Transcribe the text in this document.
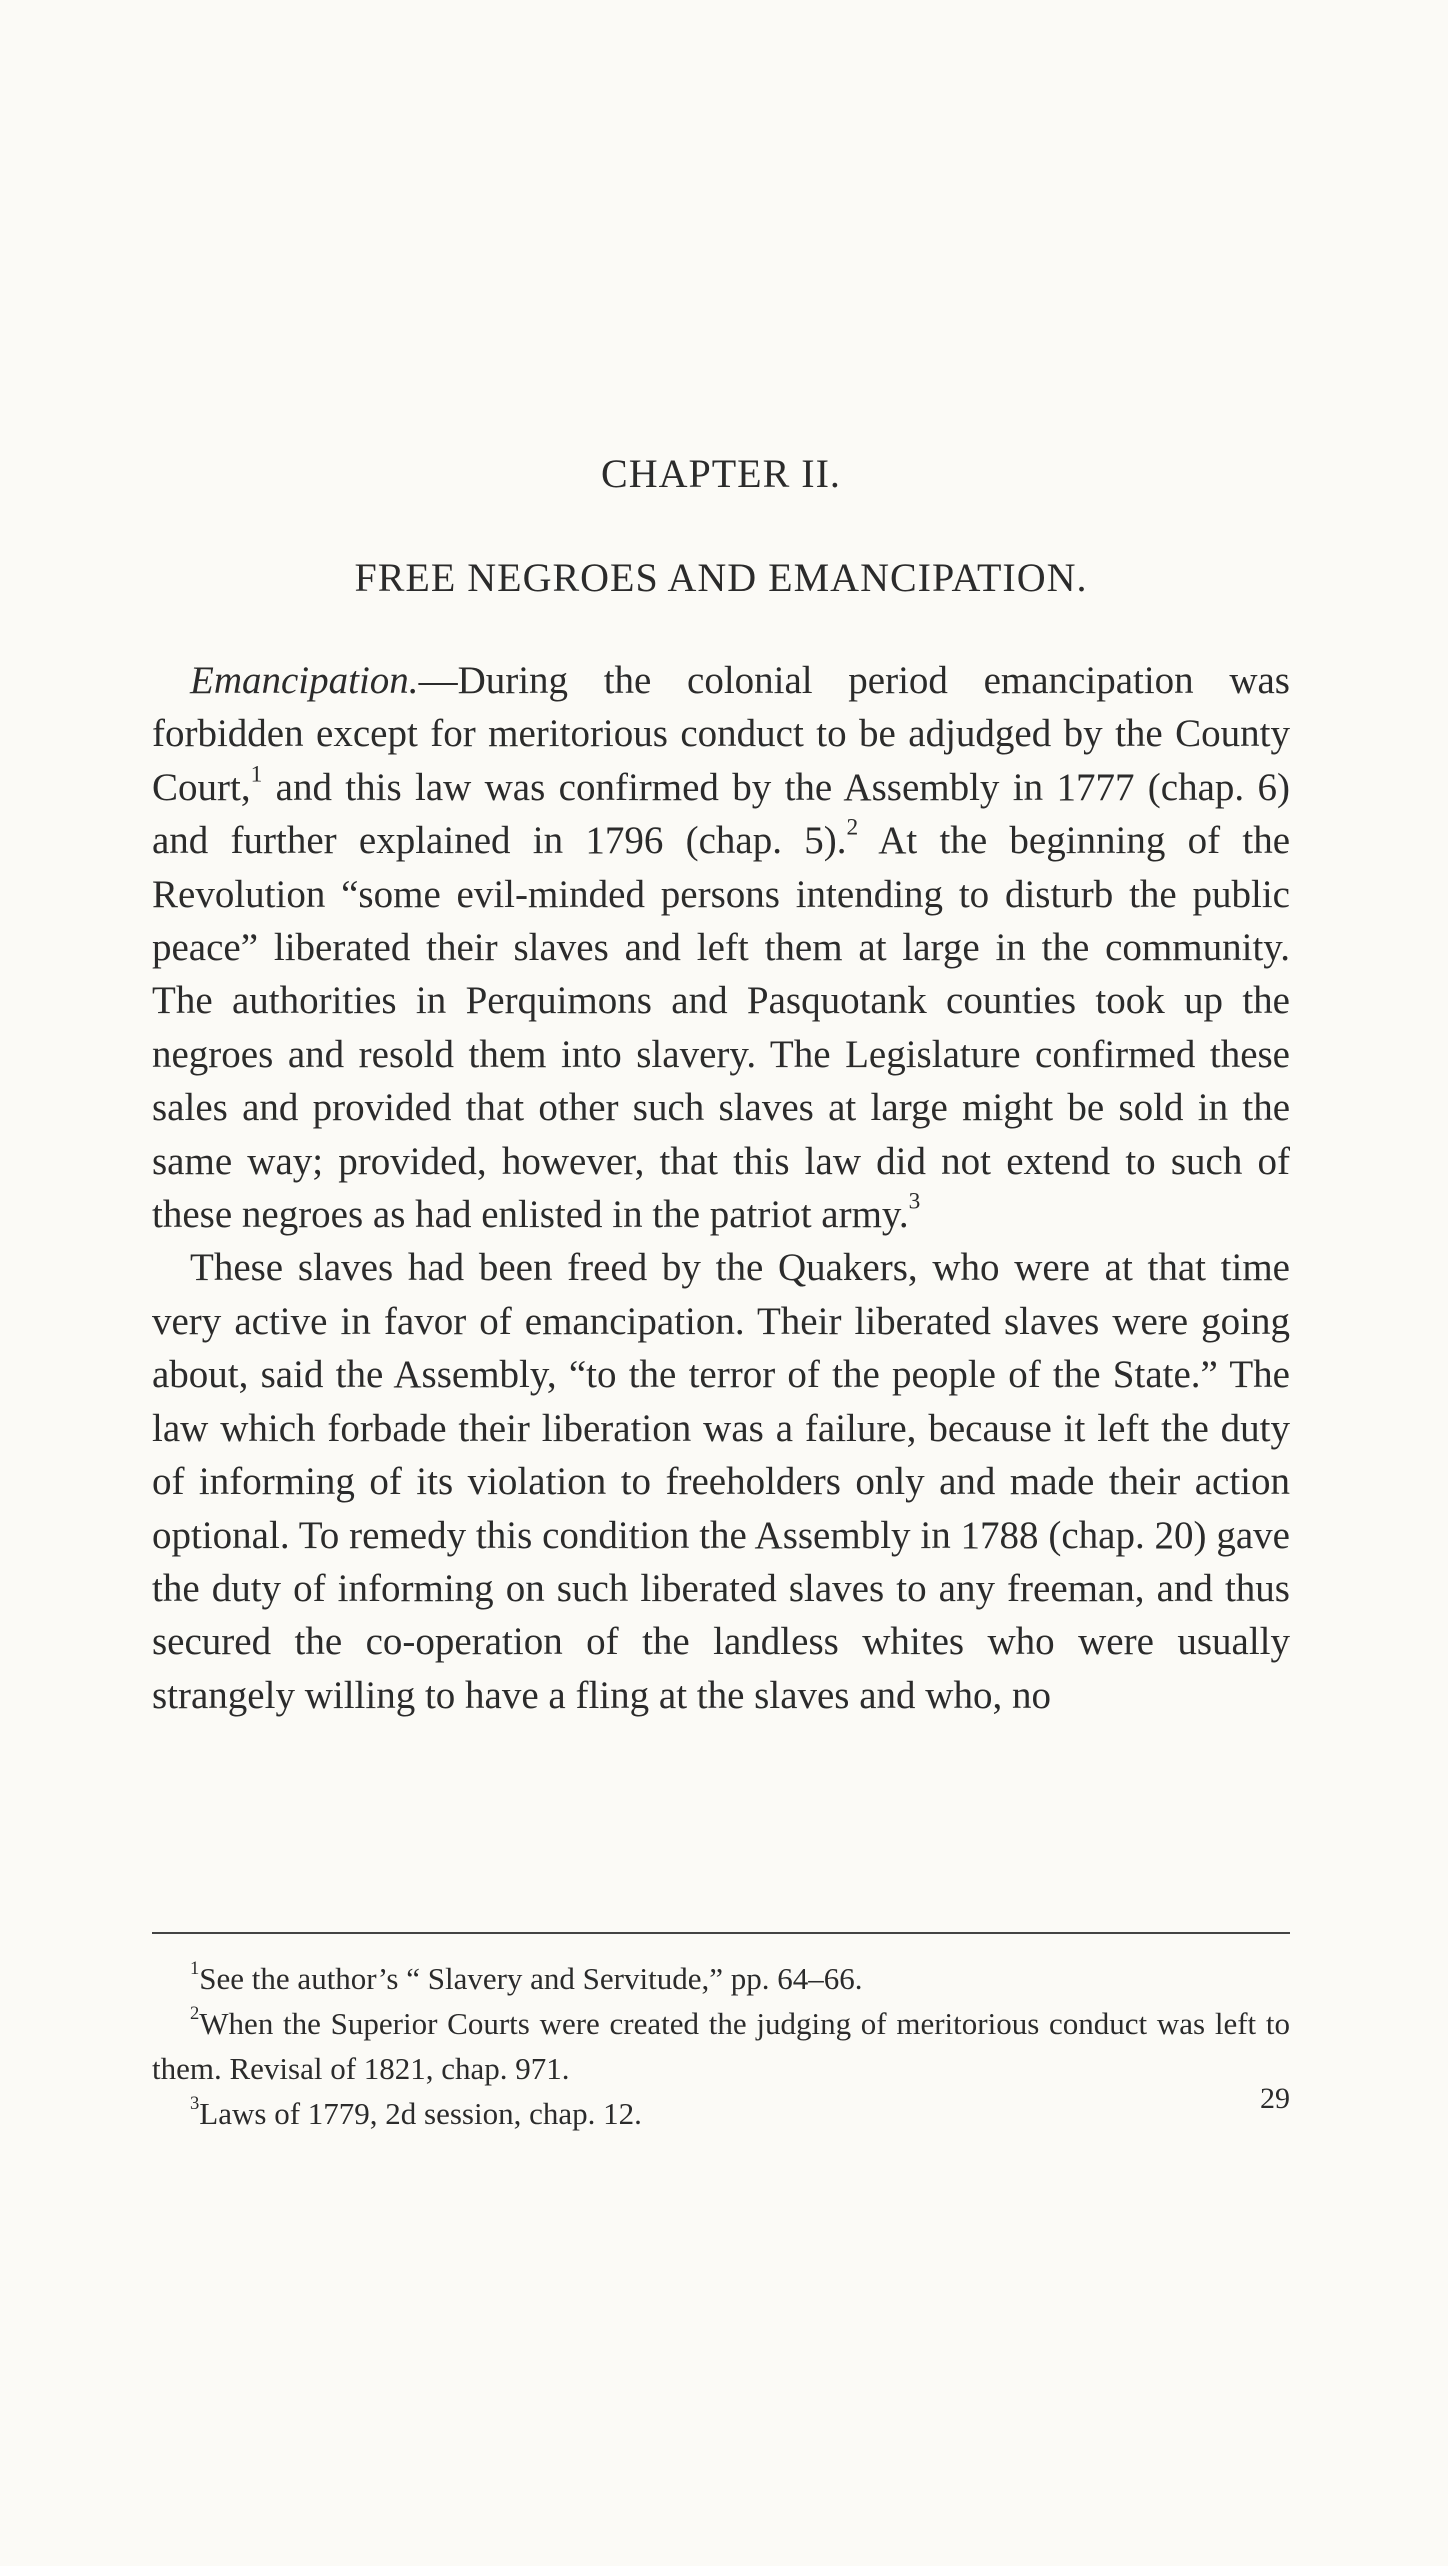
CHAPTER II.
FREE NEGROES AND EMANCIPATION.

Emancipation.—During the colonial period emancipation was forbidden except for meritorious conduct to be adjudged by the County Court,$^1$ and this law was confirmed by the Assembly in 1777 (chap. 6) and further explained in 1796 (chap. 5).$^2$ At the beginning of the Revolution “some evil-minded persons intending to disturb the public peace” liberated their slaves and left them at large in the community. The authorities in Perquimons and Pasquotank counties took up the negroes and resold them into slavery. The Legislature confirmed these sales and provided that other such slaves at large might be sold in the same way; provided, however, that this law did not extend to such of these negroes as had enlisted in the patriot army.$^3$

These slaves had been freed by the Quakers, who were at that time very active in favor of emancipation. Their liberated slaves were going about, said the Assembly, “to the terror of the people of the State.” The law which forbade their liberation was a failure, because it left the duty of informing of its violation to freeholders only and made their action optional. To remedy this condition the Assembly in 1788 (chap. 20) gave the duty of informing on such liberated slaves to any freeman, and thus secured the co-operation of the landless whites who were usually strangely willing to have a fling at the slaves and who, no

$^1$See the author’s “ Slavery and Servitude,” pp. 64–66.

$^2$When the Superior Courts were created the judging of meritorious conduct was left to them. Revisal of 1821, chap. 971.

$^3$Laws of 1779, 2d session, chap. 12.	29
